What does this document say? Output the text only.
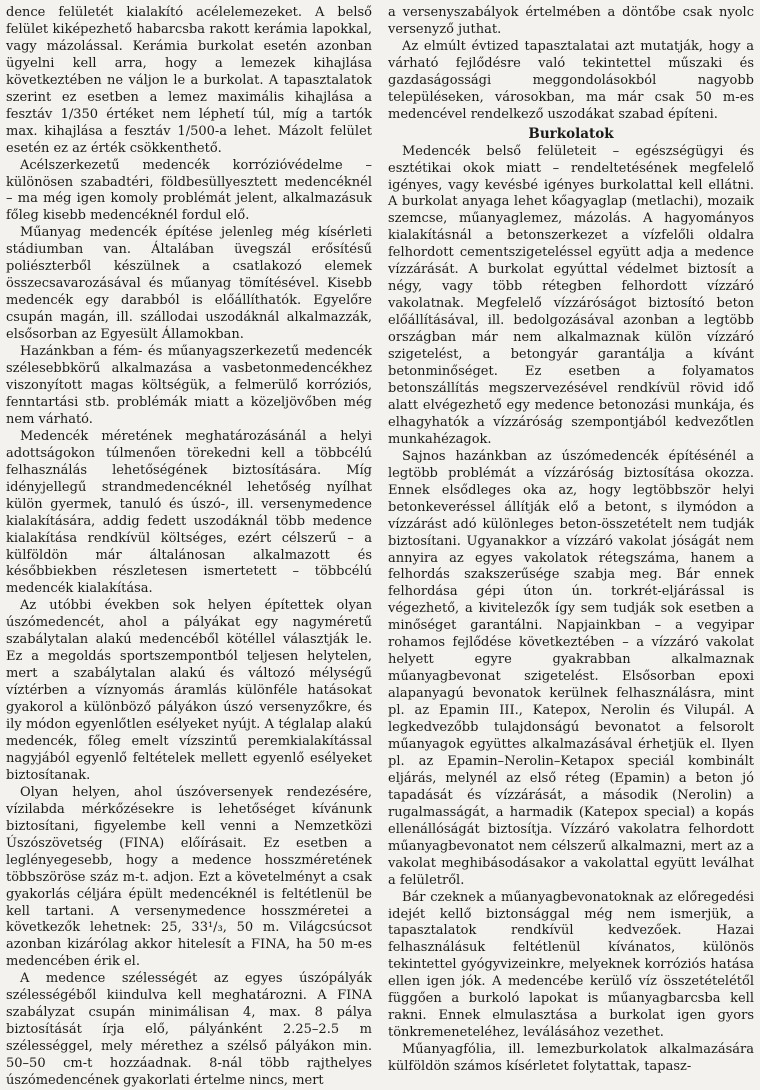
dence felületét kialakító acélelemezeket. A belső felület kiképezhető habarcsba rakott kerámia lapokkal, vagy mázolással. Kerámia burkolat esetén azonban ügyelni kell arra, hogy a lemezek kihajlása következtében ne váljon le a burkolat. A tapasztalatok szerint ez esetben a lemez maximális kihajlása a fesztáv 1/350 értéket nem léphetí túl, míg a tartók max. kihajlása a fesztáv 1/500-a lehet. Mázolt felület esetén ez az érték csökkenthető.

Acélszerkezetű medencék korrózióvédelme – különösen szabadtéri, földbesüllyesztett medencéknél – ma még igen komoly problémát jelent, alkalmazásuk főleg kisebb medencéknél fordul elő.

Műanyag medencék építése jelenleg még kísérleti stádiumban van. Általában üvegszál erősítésű poliészterből készülnek a csatlakozó elemek összecsavarozásával és műanyag tömítésével. Kisebb medencék egy darabból is előállíthatók. Egyelőre csupán magán, ill. szállodai uszodáknál alkalmazzák, elsősorban az Egyesült Államokban.

Hazánkban a fém- és műanyagszerkezetű medencék szélesebbkörű alkalmazása a vasbetonmedencékhez viszonyított magas költségük, a felmerülő korróziós, fenntartási stb. problémák miatt a közeljövőben még nem várható.

Medencék méretének meghatározásánál a helyi adottságokon túlmenően törekedni kell a többcélú felhasználás lehetőségének biztosítására. Míg idényjellegű strandmedencéknél lehetőség nyílhat külön gyermek, tanuló és úszó-, ill. versenymedence kialakítására, addig fedett uszodáknál több medence kialakítása rendkívül költséges, ezért célszerű – a külföldön már általánosan alkalmazott és későbbiekben részletesen ismertetett – többcélú medencék kialakítása.

Az utóbbi években sok helyen építettek olyan úszómedencét, ahol a pályákat egy nagyméretű szabálytalan alakú medencéből kötéllel választják le. Ez a megoldás sportszempontból teljesen helytelen, mert a szabálytalan alakú és változó mélységű víztérben a víznyomás áramlás különféle hatásokat gyakorol a különböző pályákon úszó versenyzőkre, és ily módon egyenlőtlen esélyeket nyújt. A téglalap alakú medencék, főleg emelt vízszintű peremkialakítással nagyjából egyenlő feltételek mellett egyenlő esélyeket biztosítanak.

Olyan helyen, ahol úszóversenyek rendezésére, vízilabda mérkőzésekre is lehetőséget kívánunk biztosítani, figyelembe kell venni a Nemzetközi Úszószövetség (FINA) előírásait. Ez esetben a leglényegesebb, hogy a medence hosszméretének többszöröse száz m-t. adjon. Ezt a követelményt a csak gyakorlás céljára épült medencéknél is feltétlenül be kell tartani. A versenymedence hosszméretei a következők lehetnek: 25, 33¹/₃, 50 m. Világcsúcsot azonban kizárólag akkor hitelesít a FINA, ha 50 m-es medencében érik el.

A medence szélességét az egyes úszópályák szélességéből kiindulva kell meghatározni. A FINA szabályzat csupán minimálisan 4, max. 8 pálya biztosítását írja elő, pályánként 2.25–2.5 m szélességgel, mely mérethez a szélső pályákon min. 50–50 cm-t hozzáadnak. 8-nál több rajthelyes úszómedencének gyakorlati értelme nincs, mert

a versenyszabályok értelmében a döntőbe csak nyolc versenyző juthat.

Az elmúlt évtized tapasztalatai azt mutatják, hogy a várható fejlődésre való tekintettel műszaki és gazdaságossági meggondolásokból nagyobb településeken, városokban, ma már csak 50 m-es medencével rendelkező uszodákat szabad építeni.

Burkolatok

Medencék belső felületeit – egészségügyi és esztétikai okok miatt – rendeltetésének megfelelő igényes, vagy kevésbé igényes burkolattal kell ellátni. A burkolat anyaga lehet kőagyaglap (metlachi), mozaik szemcse, műanyaglemez, mázolás. A hagyományos kialakításnál a betonszerkezet a vízfelőli oldalra felhordott cementszigeteléssel együtt adja a medence vízzárását. A burkolat egyúttal védelmet biztosít a négy, vagy több rétegben felhordott vízzáró vakolatnak. Megfelelő vízzáróságot biztosító beton előállításával, ill. bedolgozásával azonban a legtöbb országban már nem alkalmaznak külön vízzáró szigetelést, a betongyár garantálja a kívánt betonminőséget. Ez esetben a folyamatos betonszállítás megszervezésével rendkívül rövid idő alatt elvégezhető egy medence betonozási munkája, és elhagyhatók a vízzáróság szempontjából kedvezőtlen munkahézagok.

Sajnos hazánkban az úszómedencék építésénél a legtöbb problémát a vízzáróság biztosítása okozza. Ennek elsődleges oka az, hogy legtöbbször helyi betonkeveréssel állítják elő a betont, s ilymódon a vízzárást adó különleges beton-összetételt nem tudják biztosítani. Ugyanakkor a vízzáró vakolat jóságát nem annyira az egyes vakolatok rétegszáma, hanem a felhordás szakszerűsége szabja meg. Bár ennek felhordása gépi úton ún. torkrét-eljárással is végezhető, a kivitelezők így sem tudják sok esetben a minőséget garantálni. Napjainkban – a vegyipar rohamos fejlődése következtében – a vízzáró vakolat helyett egyre gyakrabban alkalmaznak műanyagbevonat szigetelést. Elsősorban epoxi alapanyagú bevonatok kerülnek felhasználásra, mint pl. az Epamin III., Katepox, Nerolin és Vilupál. A legkedvezőbb tulajdonságú bevonatot a felsorolt műanyagok együttes alkalmazásával érhetjük el. Ilyen pl. az Epamin–Nerolin–Ketapox speciál kombinált eljárás, melynél az első réteg (Epamin) a beton jó tapadását és vízzárását, a második (Nerolin) a rugalmasságát, a harmadik (Katepox special) a kopás ellenállóságát biztosítja. Vízzáró vakolatra felhordott műanyagbevonatot nem célszerű alkalmazni, mert az a vakolat meghibásodásakor a vakolattal együtt leválhat a felületről.

Bár czeknek a műanyagbevonatoknak az előregedési idejét kellő biztonsággal még nem ismerjük, a tapasztalatok rendkívül kedvezőek. Hazai felhasználásuk feltétlenül kívánatos, különös tekintettel gyógyvizeinkre, melyeknek korróziós hatása ellen igen jók. A medencébe kerülő víz összetételétől függően a burkoló lapokat is műanyagbarcsba kell rakni. Ennek elmulasztása a burkolat igen gyors tönkremeneteléhez, leválásához vezethet.

Műanyagfólia, ill. lemezburkolatok alkalmazására külföldön számos kísérletet folytattak, tapasz-
